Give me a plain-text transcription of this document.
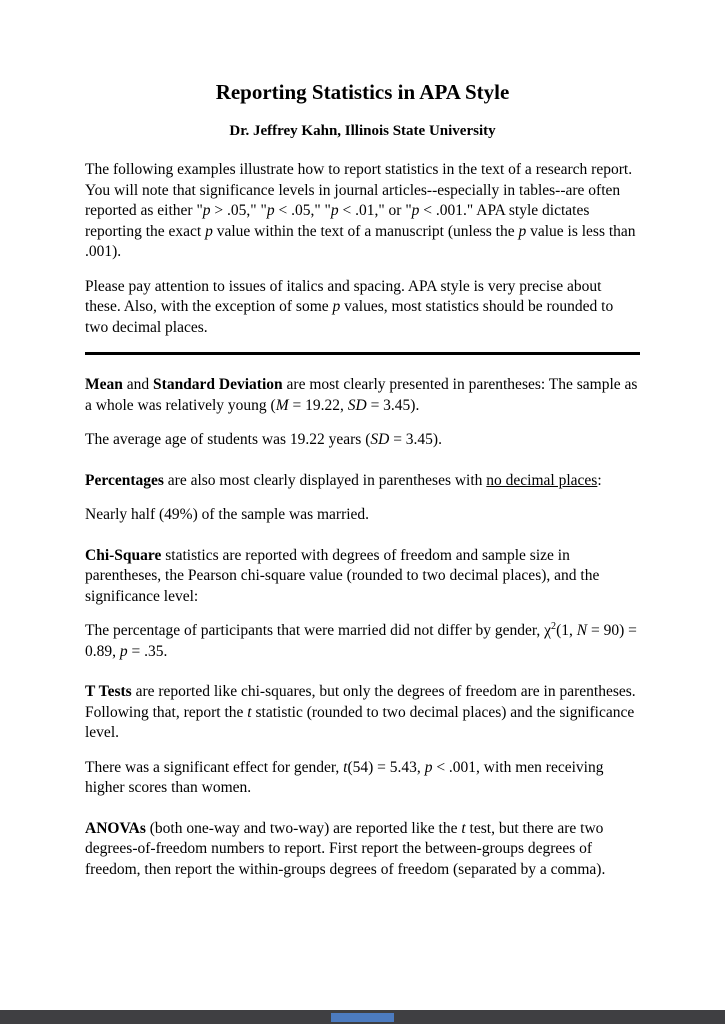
Reporting Statistics in APA Style
Dr. Jeffrey Kahn, Illinois State University

The following examples illustrate how to report statistics in the text of a research report. You will note that significance levels in journal articles--especially in tables--are often reported as either "p > .05," "p < .05," "p < .01," or "p < .001." APA style dictates reporting the exact p value within the text of a manuscript (unless the p value is less than .001).

Please pay attention to issues of italics and spacing. APA style is very precise about these. Also, with the exception of some p values, most statistics should be rounded to two decimal places.

Mean and Standard Deviation are most clearly presented in parentheses: The sample as a whole was relatively young (M = 19.22, SD = 3.45).

The average age of students was 19.22 years (SD = 3.45).

Percentages are also most clearly displayed in parentheses with no decimal places:

Nearly half (49%) of the sample was married.

Chi-Square statistics are reported with degrees of freedom and sample size in parentheses, the Pearson chi-square value (rounded to two decimal places), and the significance level:

The percentage of participants that were married did not differ by gender, $\chi^2(1$, N = 90) = 0.89, p = .35.

T Tests are reported like chi-squares, but only the degrees of freedom are in parentheses. Following that, report the t statistic (rounded to two decimal places) and the significance level.

There was a significant effect for gender, t(54) = 5.43, p < .001, with men receiving higher scores than women.

ANOVAs (both one-way and two-way) are reported like the t test, but there are two degrees-of-freedom numbers to report. First report the between-groups degrees of freedom, then report the within-groups degrees of freedom (separated by a comma).
